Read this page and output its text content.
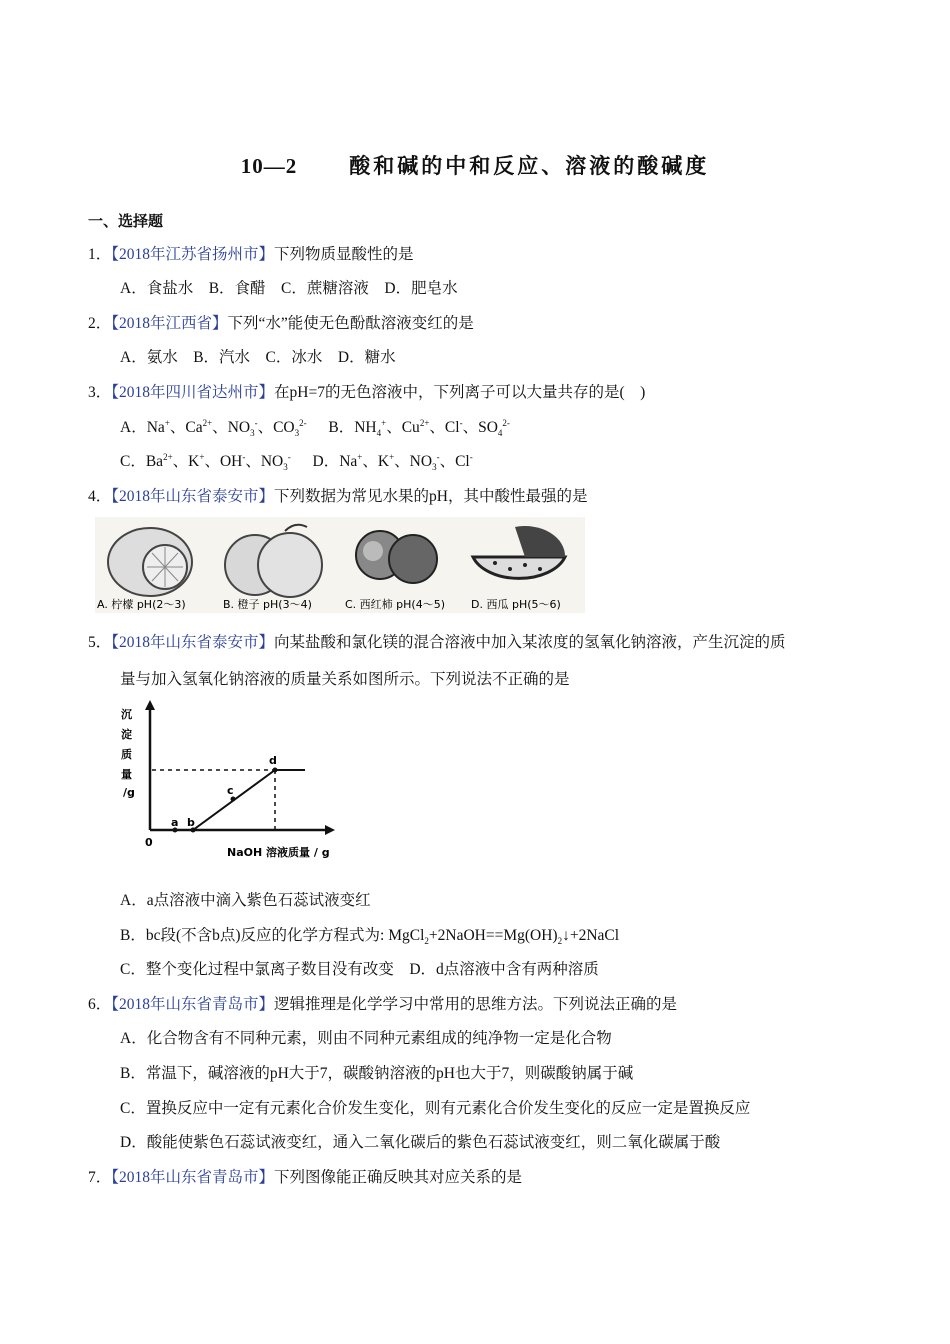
10—2 酸和碱的中和反应、溶液的酸碱度
一、选择题
1．【2018年江苏省扬州市】下列物质显酸性的是
A．食盐水　B．食醋　C．蔗糖溶液　D．肥皂水
2．【2018年江西省】下列“水”能使无色酚酞溶液变红的是
A．氨水　B．汽水　C．冰水　D．糖水
3．【2018年四川省达州市】在pH=7的无色溶液中，下列离子可以大量共存的是(　)
A．Na+、$Ca^{2+}$、$NO_3^-$、$CO_3^{2-}$ B．$NH_4^+$、$Cu^{2+}$、Cl-、$SO_4^{2-}$
C．$Ba^{2+}$、K+、OH-、$NO_3^-$ D．Na+、K+、$NO_3^-$、Cl-
4．【2018年山东省泰安市】下列数据为常见水果的pH，其中酸性最强的是
A. 柠檬 pH(2～3)	B. 橙子 pH(3～4)	C. 西红柿 pH(4～5) D. 西瓜 pH(5～6)
5．【2018年山东省泰安市】向某盐酸和氯化镁的混合溶液中加入某浓度的氢氧化钠溶液，产生沉淀的质
量与加入氢氧化钠溶液的质量关系如图所示。下列说法不正确的是
沉
淀
质
量
/g
0
a b
c
d
NaOH 溶液质量 / g
A．a点溶液中滴入紫色石蕊试液变红
B．bc段(不含b点)反应的化学方程式为: $MgCl_2+2NaOH==Mg(OH)_2↓+2NaCl$
C．整个变化过程中氯离子数目没有改变　D．d点溶液中含有两种溶质
6．【2018年山东省青岛市】逻辑推理是化学学习中常用的思维方法。下列说法正确的是
A．化合物含有不同种元素，则由不同种元素组成的纯净物一定是化合物
B．常温下，碱溶液的pH大于7，碳酸钠溶液的pH也大于7，则碳酸钠属于碱
C．置换反应中一定有元素化合价发生变化，则有元素化合价发生变化的反应一定是置换反应
D．酸能使紫色石蕊试液变红，通入二氧化碳后的紫色石蕊试液变红，则二氧化碳属于酸
7．【2018年山东省青岛市】下列图像能正确反映其对应关系的是
